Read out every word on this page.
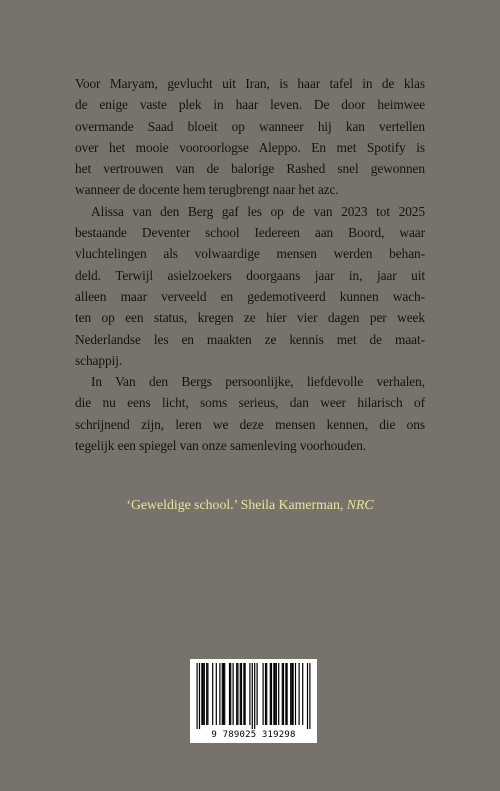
Voor Maryam, gevlucht uit Iran, is haar tafel in de klas
de enige vaste plek in haar leven. De door heimwee
overmande Saad bloeit op wanneer hij kan vertellen
over het mooie vooroorlogse Aleppo. En met Spotify is
het vertrouwen van de balorige Rashed snel gewonnen
wanneer de docente hem terugbrengt naar het azc.
Alissa van den Berg gaf les op de van 2023 tot 2025
bestaande Deventer school Iedereen aan Boord, waar
vluchtelingen als volwaardige mensen werden behan-
deld. Terwijl asielzoekers doorgaans jaar in, jaar uit
alleen maar verveeld en gedemotiveerd kunnen wach-
ten op een status, kregen ze hier vier dagen per week
Nederlandse les en maakten ze kennis met de maat-
schappij.
In Van den Bergs persoonlijke, liefdevolle verhalen,
die nu eens licht, soms serieus, dan weer hilarisch of
schrijnend zijn, leren we deze mensen kennen, die ons
tegelijk een spiegel van onze samenleving voorhouden.
‘Geweldige school.’ Sheila Kamerman, NRC
9 789025 319298
